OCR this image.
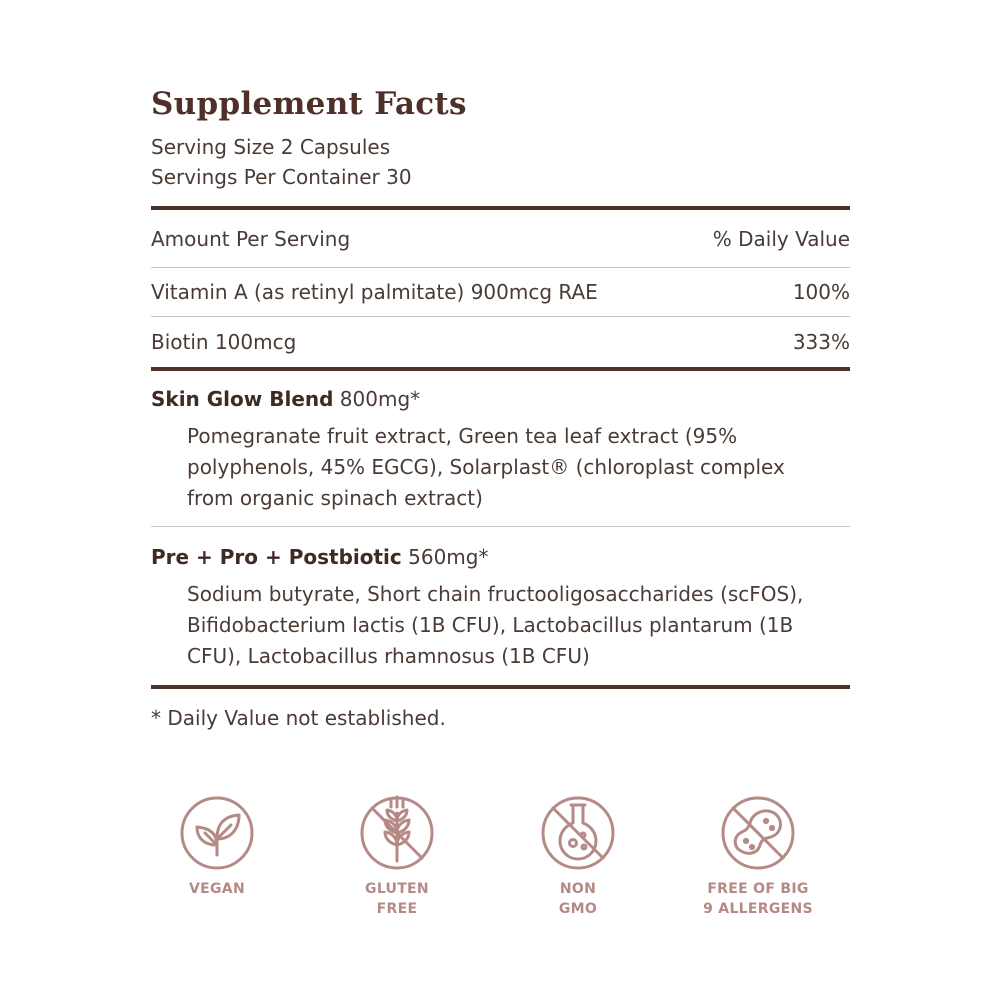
Supplement Facts
Serving Size 2 Capsules
Servings Per Container 30
Amount Per Serving	% Daily Value
Vitamin A (as retinyl palmitate) 900mcg RAE	100%
Biotin 100mcg	333%
Skin Glow Blend 800mg*
Pomegranate fruit extract, Green tea leaf extract (95%
polyphenols, 45% EGCG), Solarplast® (chloroplast complex
from organic spinach extract)
Pre + Pro + Postbiotic 560mg*
Sodium butyrate, Short chain fructooligosaccharides (scFOS),
Bifidobacterium lactis (1B CFU), Lactobacillus plantarum (1B
CFU), Lactobacillus rhamnosus (1B CFU)
* Daily Value not established.
VEGAN	GLUTEN
FREE
NON
GMO
FREE OF BIG
9 ALLERGENS
